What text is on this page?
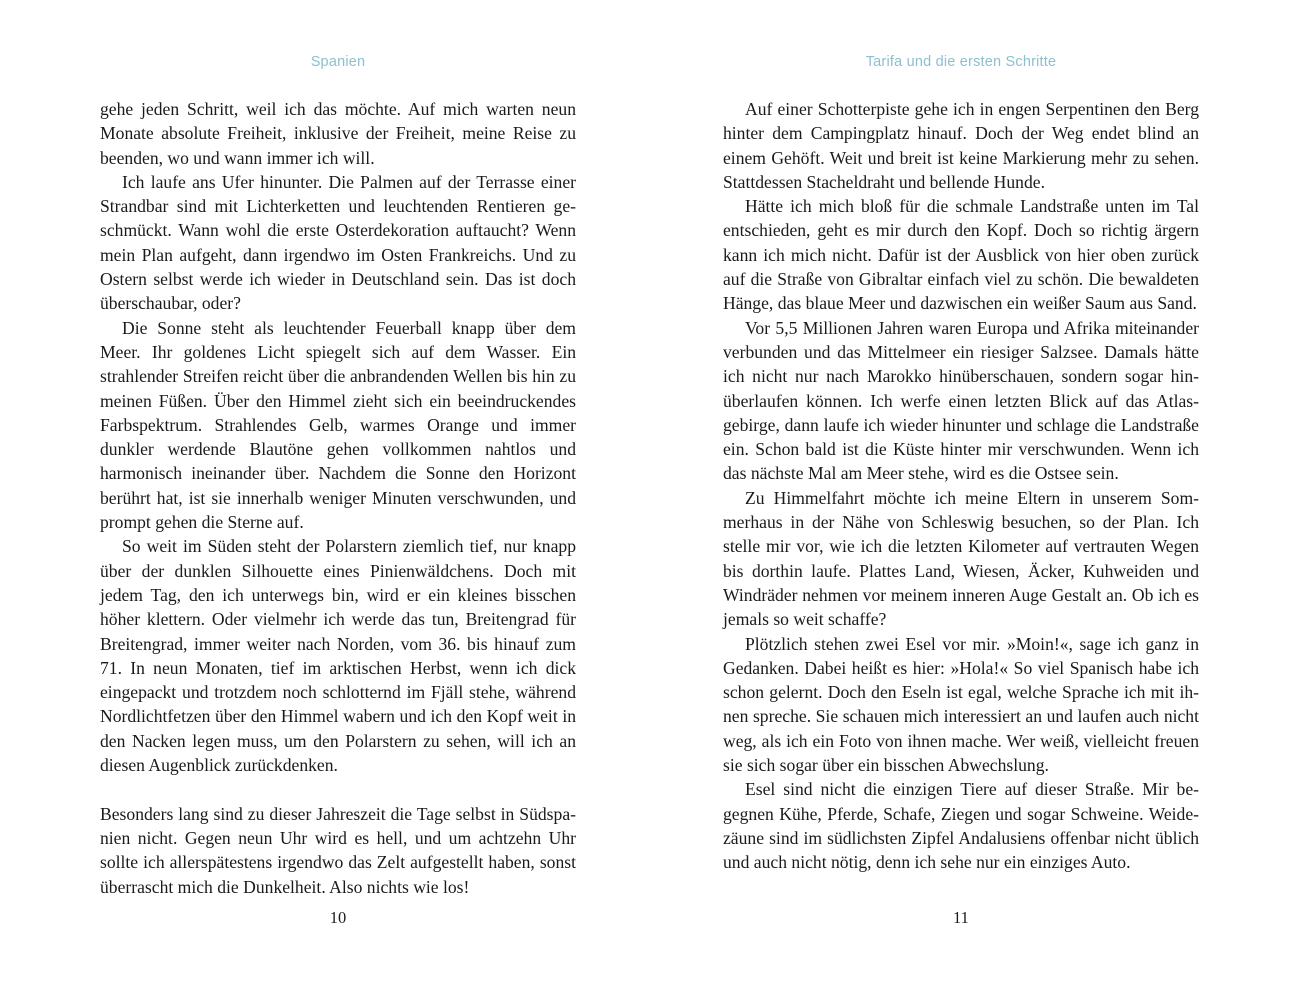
Spanien

gehe jeden Schritt, weil ich das möchte. Auf mich warten neun Monate absolute Freiheit, inklusive der Freiheit, meine Reise zu beenden, wo und wann immer ich will.

Ich laufe ans Ufer hinunter. Die Palmen auf der Terrasse einer Strandbar sind mit Lichterketten und leuchtenden Rentieren geschmückt. Wann wohl die erste Osterdekoration auftaucht? Wenn mein Plan aufgeht, dann irgendwo im Osten Frankreichs. Und zu Ostern selbst werde ich wieder in Deutschland sein. Das ist doch überschaubar, oder?

Die Sonne steht als leuchtender Feuerball knapp über dem Meer. Ihr goldenes Licht spiegelt sich auf dem Wasser. Ein strahlender Streifen reicht über die anbrandenden Wellen bis hin zu meinen Füßen. Über den Himmel zieht sich ein beeindruckendes Farbspektrum. Strahlendes Gelb, warmes Orange und immer dunkler werdende Blautöne gehen vollkommen nahtlos und harmonisch ineinander über. Nachdem die Sonne den Horizont berührt hat, ist sie innerhalb weniger Minuten verschwunden, und prompt gehen die Sterne auf.

So weit im Süden steht der Polarstern ziemlich tief, nur knapp über der dunklen Silhouette eines Pinienwäldchens. Doch mit jedem Tag, den ich unterwegs bin, wird er ein kleines bisschen höher klettern. Oder vielmehr ich werde das tun, Breitengrad für Breitengrad, immer weiter nach Norden, vom 36. bis hinauf zum 71. In neun Monaten, tief im arktischen Herbst, wenn ich dick eingepackt und trotzdem noch schlotternd im Fjäll stehe, während Nordlichtfetzen über den Himmel wabern und ich den Kopf weit in den Nacken legen muss, um den Polarstern zu sehen, will ich an diesen Augenblick zurückdenken.

Besonders lang sind zu dieser Jahreszeit die Tage selbst in Südspanien nicht. Gegen neun Uhr wird es hell, und um achtzehn Uhr sollte ich allerspätestens irgendwo das Zelt aufgestellt haben, sonst überrascht mich die Dunkelheit. Also nichts wie los!

10
Tarifa und die ersten Schritte

Auf einer Schotterpiste gehe ich in engen Serpentinen den Berg hinter dem Campingplatz hinauf. Doch der Weg endet blind an einem Gehöft. Weit und breit ist keine Markierung mehr zu sehen. Stattdessen Stacheldraht und bellende Hunde.

Hätte ich mich bloß für die schmale Landstraße unten im Tal entschieden, geht es mir durch den Kopf. Doch so richtig ärgern kann ich mich nicht. Dafür ist der Ausblick von hier oben zurück auf die Straße von Gibraltar einfach viel zu schön. Die bewaldeten Hänge, das blaue Meer und dazwischen ein weißer Saum aus Sand.

Vor 5,5 Millionen Jahren waren Europa und Afrika miteinander verbunden und das Mittelmeer ein riesiger Salzsee. Damals hätte ich nicht nur nach Marokko hinüberschauen, sondern sogar hinüberlaufen können. Ich werfe einen letzten Blick auf das Atlasgebirge, dann laufe ich wieder hinunter und schlage die Landstraße ein. Schon bald ist die Küste hinter mir verschwunden. Wenn ich das nächste Mal am Meer stehe, wird es die Ostsee sein.

Zu Himmelfahrt möchte ich meine Eltern in unserem Sommerhaus in der Nähe von Schleswig besuchen, so der Plan. Ich stelle mir vor, wie ich die letzten Kilometer auf vertrauten Wegen bis dorthin laufe. Plattes Land, Wiesen, Äcker, Kuhweiden und Windräder nehmen vor meinem inneren Auge Gestalt an. Ob ich es jemals so weit schaffe?

Plötzlich stehen zwei Esel vor mir. »Moin!«, sage ich ganz in Gedanken. Dabei heißt es hier: »Hola!« So viel Spanisch habe ich schon gelernt. Doch den Eseln ist egal, welche Sprache ich mit ihnen spreche. Sie schauen mich interessiert an und laufen auch nicht weg, als ich ein Foto von ihnen mache. Wer weiß, vielleicht freuen sie sich sogar über ein bisschen Abwechslung.

Esel sind nicht die einzigen Tiere auf dieser Straße. Mir begegnen Kühe, Pferde, Schafe, Ziegen und sogar Schweine. Weidezäune sind im südlichsten Zipfel Andalusiens offenbar nicht üblich und auch nicht nötig, denn ich sehe nur ein einziges Auto.

11
